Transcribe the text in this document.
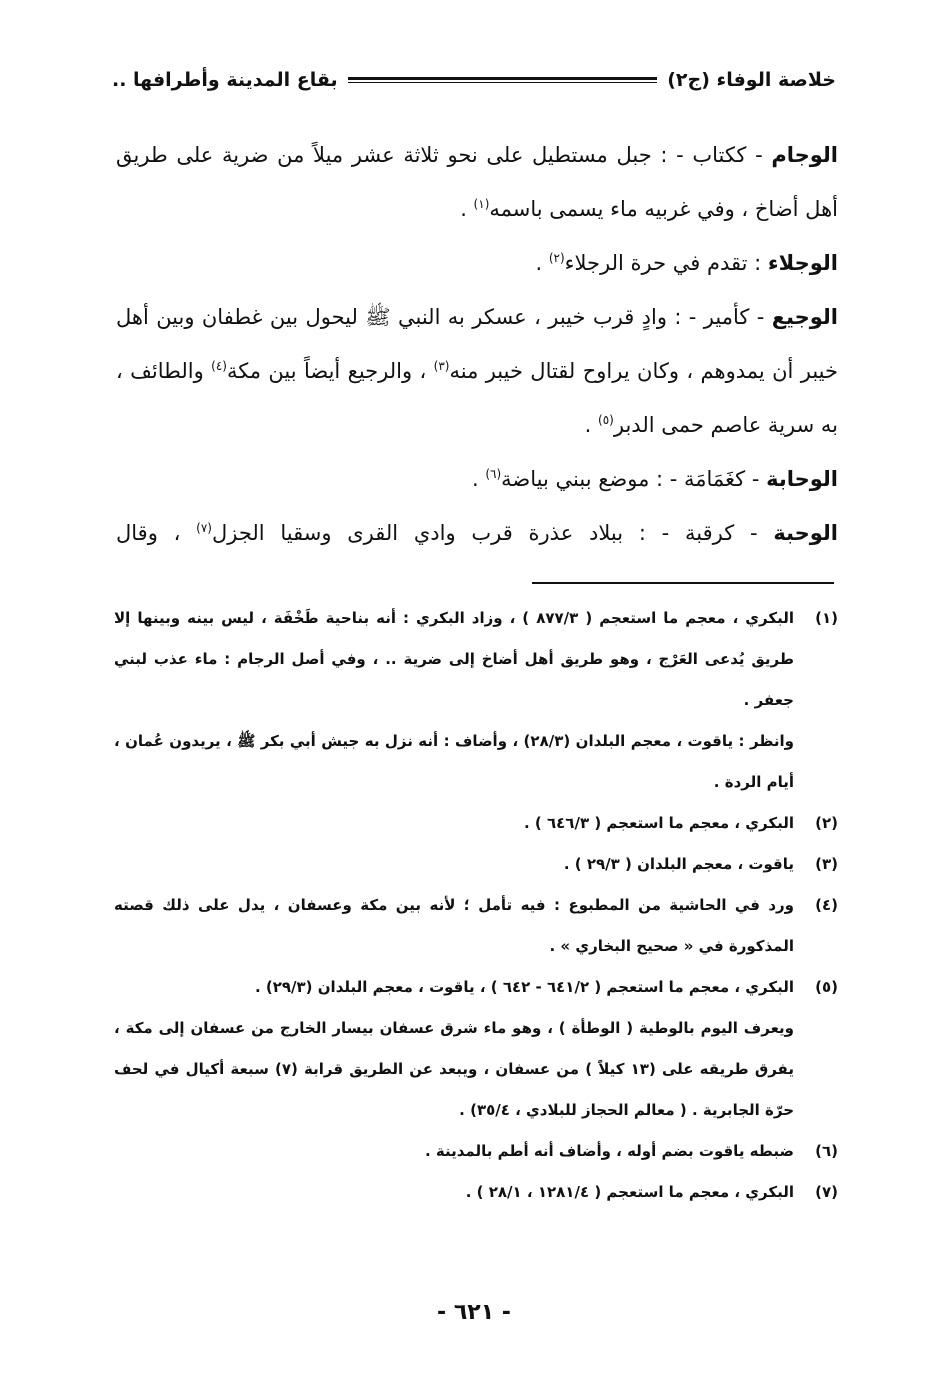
خلاصة الوفاء (ج٢)
بقاع المدينة وأطرافها ..

الوجام - ككتاب - : جبل مستطيل على نحو ثلاثة عشر ميلاً من ضرية على طريق أهل أضاخ ، وفي غربيه ماء يسمى باسمه$^{(١)}$ .

الوجلاء : تقدم في حرة الرجلاء$^{(٢)}$ .

الوجيع - كأمير - : وادٍ قرب خيبر ، عسكر به النبي ﷺ ليحول بين غطفان وبين أهل خيبر أن يمدوهم ، وكان يراوح لقتال خيبر منه$^{(٣)}$ ، والرجيع أيضاً بين مكة$^{(٤)}$ والطائف ، به سرية عاصم حمى الدبر$^{(٥)}$ .

الوحابة - كغَمَامَة - : موضع ببني بياضة$^{(٦)}$ .

الوحبة - كرقبة - : ببلاد عذرة قرب وادي القرى وسقيا الجزل$^{(٧)}$ ، وقال

(١)

البكري ، معجم ما استعجم ( ٨٧٧/٣ ) ، وزاد البكري : أنه بناحية طَخْفَة ، ليس بينه وبينها إلا طريق يُدعى العَرْج ، وهو طريق أهل أضاخ إلى ضرية .. ، وفي أصل الرجام : ماء عذب لبني جعفر .

وانظر : ياقوت ، معجم البلدان (٢٨/٣) ، وأضاف : أنه نزل به جيش أبي بكر ﷺ ، يريدون عُمان ، أيام الردة .

(٢)

البكري ، معجم ما استعجم ( ٦٤٦/٣ ) .

(٣)

ياقوت ، معجم البلدان ( ٢٩/٣ ) .

(٤)

ورد في الحاشية من المطبوع : فيه تأمل ؛ لأنه بين مكة وعسفان ، يدل على ذلك قصته المذكورة في « صحيح البخاري » .

(٥)

البكري ، معجم ما استعجم ( ٦٤١/٢ - ٦٤٢ ) ، ياقوت ، معجم البلدان (٢٩/٣) .

ويعرف اليوم بالوطية ( الوطأة ) ، وهو ماء شرق عسفان بيسار الخارج من عسفان إلى مكة ، يفرق طريقه على (١٣ كيلاً ) من عسفان ، ويبعد عن الطريق قرابة (٧) سبعة أكيال في لحف حرّة الجابرية . ( معالم الحجاز للبلادي ، ٣٥/٤) .

(٦)

ضبطه ياقوت بضم أوله ، وأضاف أنه أطم بالمدينة .

(٧)

البكري ، معجم ما استعجم ( ١٢٨١/٤ ، ٢٨/١ ) .

- ٦٢١ -
